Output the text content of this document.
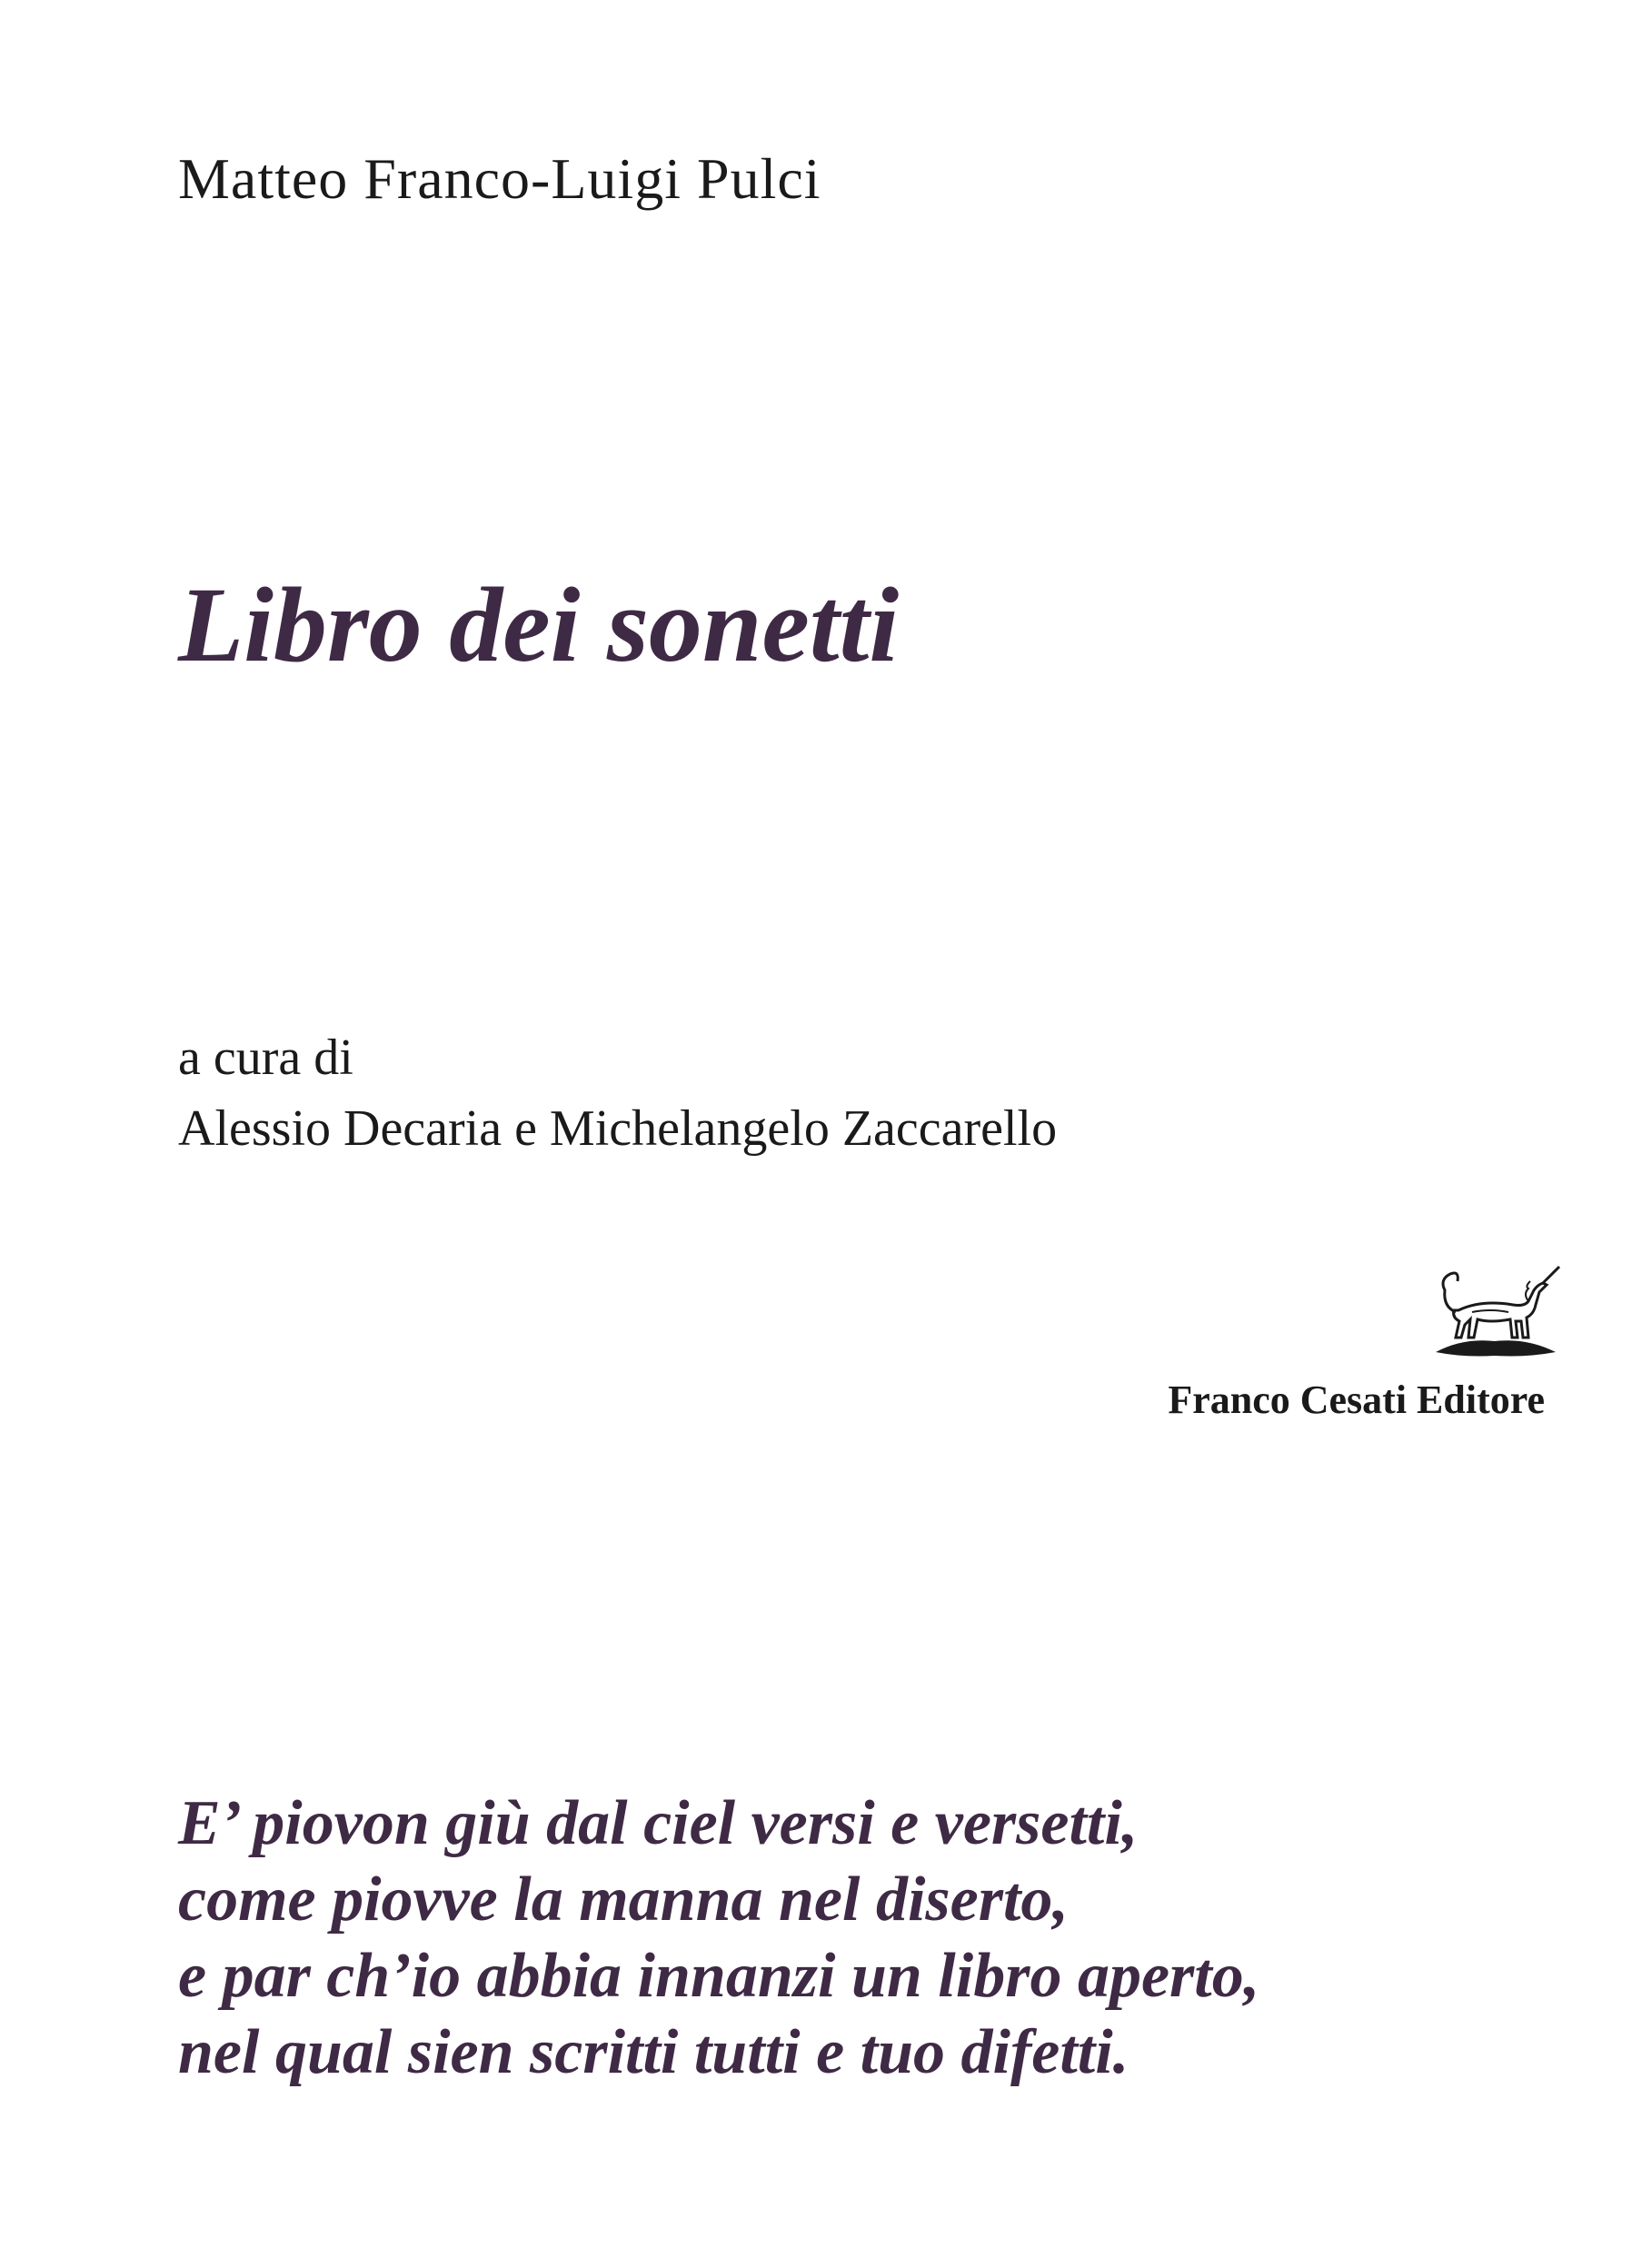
Matteo Franco-Luigi Pulci
Libro dei sonetti
a cura di
Alessio Decaria e Michelangelo Zaccarello
Franco Cesati Editore
E’ piovon giù dal ciel versi e versetti,
come piovve la manna nel diserto,
e par ch’io abbia innanzi un libro aperto,
nel qual sien scritti tutti e tuo difetti.
